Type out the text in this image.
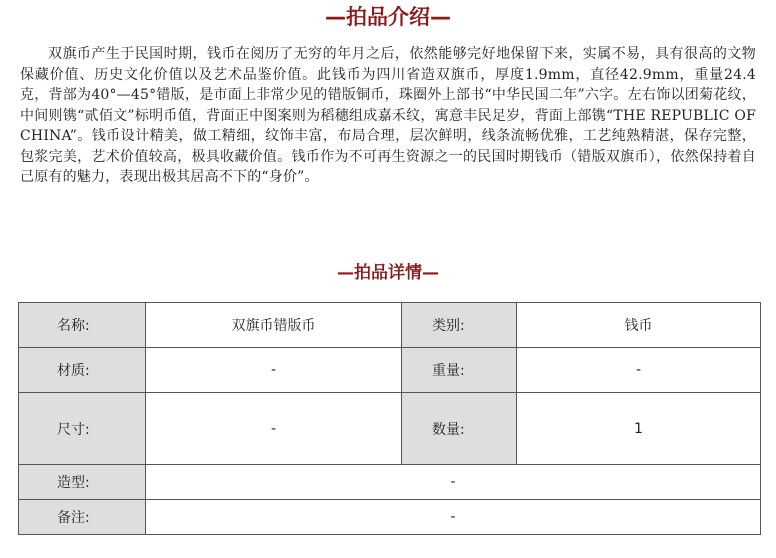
—拍品介绍—

双旗币产生于民国时期，钱币在阅历了无穷的年月之后，依然能够完好地保留下来，实属不易，具有很高的文物保藏价值、历史文化价值以及艺术品鉴价值。此钱币为四川省造双旗币，厚度1.9mm，直径42.9mm，重量24.4克，背部为40°—45°错版，是市面上非常少见的错版铜币，珠圈外上部书“中华民国二年”六字。左右饰以团菊花纹，中间则镌“贰佰文”标明币值，背面正中图案则为稻穗组成嘉禾纹，寓意丰民足岁，背面上部镌“THE REPUBLIC OF CHINA”。钱币设计精美，做工精细，纹饰丰富，布局合理，层次鲜明，线条流畅优雅，工艺纯熟精湛，保存完整，包浆完美，艺术价值较高，极具收藏价值。钱币作为不可再生资源之一的民国时期钱币（错版双旗币），依然保持着自己原有的魅力，表现出极其居高不下的“身价”。

—拍品详情—
名称:	双旗币错版币	类别:	钱币
材质:	-	重量:	-
尺寸:	-	数量:	1
造型:	-		
备注:	-		
